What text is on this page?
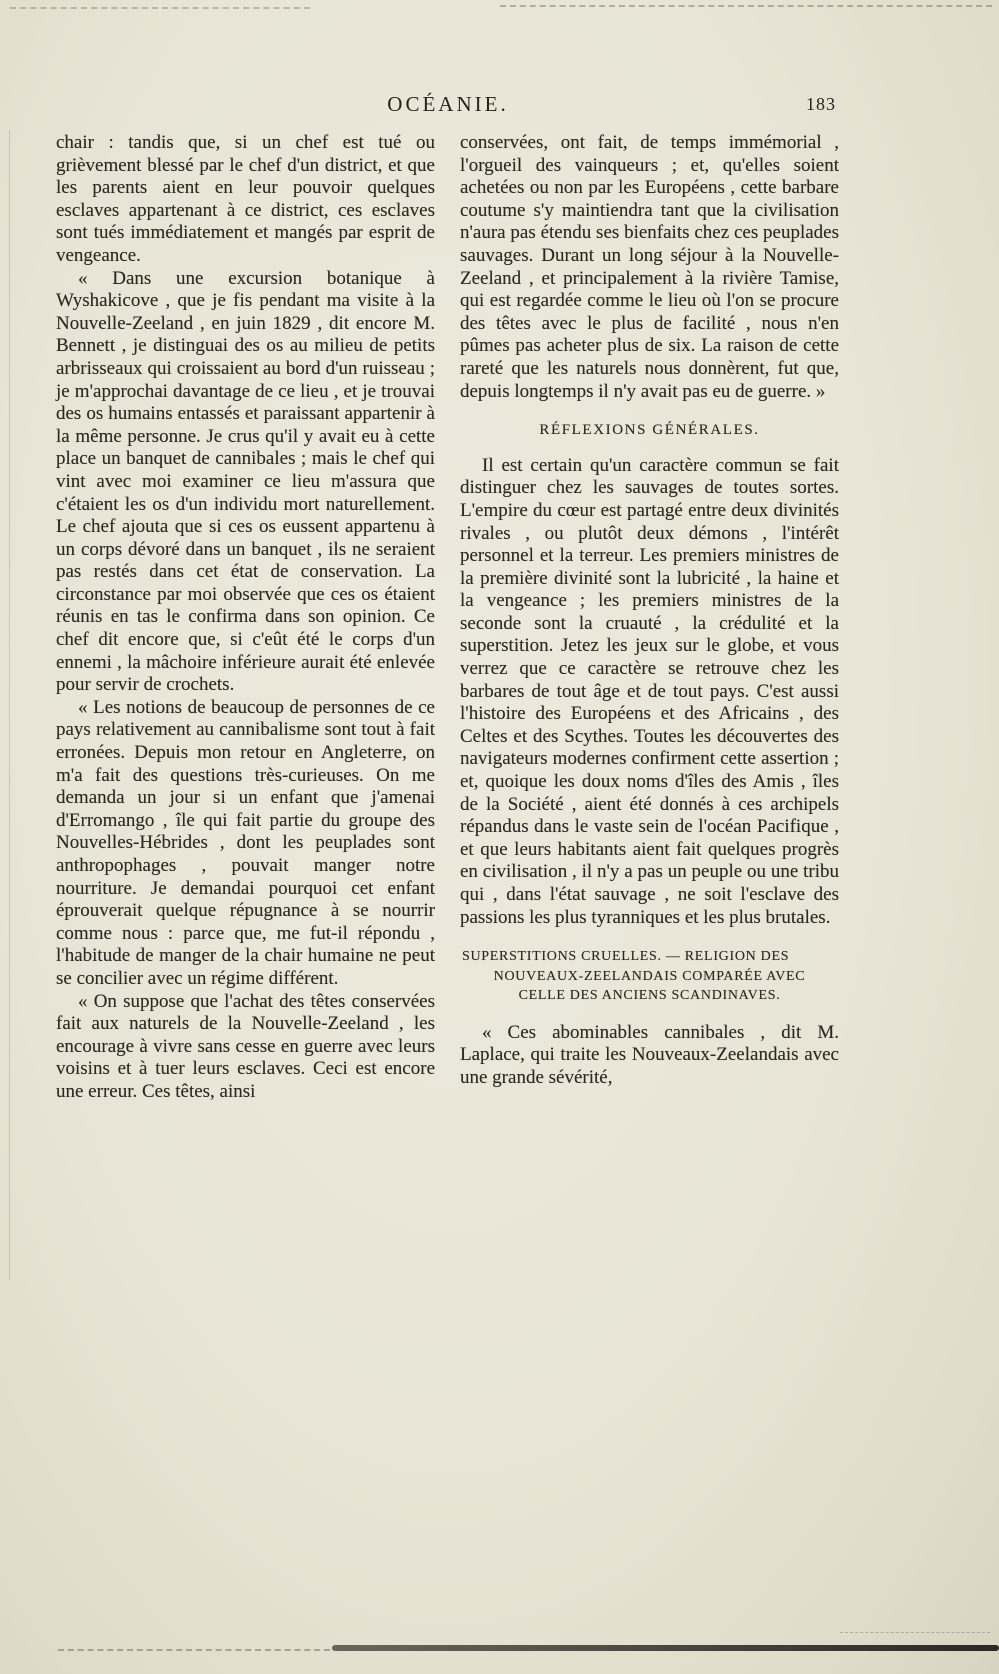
OCÉANIE.	183

chair : tandis que, si un chef est tué ou grièvement blessé par le chef d'un district, et que les parents aient en leur pouvoir quelques esclaves appartenant à ce district, ces esclaves sont tués immédiatement et mangés par esprit de vengeance.

« Dans une excursion botanique à Wyshakicove , que je fis pendant ma visite à la Nouvelle-Zeeland , en juin 1829 , dit encore M. Bennett , je distinguai des os au milieu de petits arbrisseaux qui croissaient au bord d'un ruisseau ; je m'approchai davantage de ce lieu , et je trouvai des os humains entassés et paraissant appartenir à la même personne. Je crus qu'il y avait eu à cette place un banquet de cannibales ; mais le chef qui vint avec moi examiner ce lieu m'assura que c'étaient les os d'un individu mort naturellement. Le chef ajouta que si ces os eussent appartenu à un corps dévoré dans un banquet , ils ne seraient pas restés dans cet état de conservation. La circonstance par moi observée que ces os étaient réunis en tas le confirma dans son opinion. Ce chef dit encore que, si c'eût été le corps d'un ennemi , la mâchoire inférieure aurait été enlevée pour servir de crochets.

« Les notions de beaucoup de personnes de ce pays relativement au cannibalisme sont tout à fait erronées. Depuis mon retour en Angleterre, on m'a fait des questions très-curieuses. On me demanda un jour si un enfant que j'amenai d'Erromango , île qui fait partie du groupe des Nouvelles-Hébrides , dont les peuplades sont anthropophages , pouvait manger notre nourriture. Je demandai pourquoi cet enfant éprouverait quelque répugnance à se nourrir comme nous : parce que, me fut-il répondu , l'habitude de manger de la chair humaine ne peut se concilier avec un régime différent.

« On suppose que l'achat des têtes conservées fait aux naturels de la Nouvelle-Zeeland , les encourage à vivre sans cesse en guerre avec leurs voisins et à tuer leurs esclaves. Ceci est encore une erreur. Ces têtes, ainsi

conservées, ont fait, de temps immémorial , l'orgueil des vainqueurs ; et, qu'elles soient achetées ou non par les Européens , cette barbare coutume s'y maintiendra tant que la civilisation n'aura pas étendu ses bienfaits chez ces peuplades sauvages. Durant un long séjour à la Nouvelle-Zeeland , et principalement à la rivière Tamise, qui est regardée comme le lieu où l'on se procure des têtes avec le plus de facilité , nous n'en pûmes pas acheter plus de six. La raison de cette rareté que les naturels nous donnèrent, fut que, depuis longtemps il n'y avait pas eu de guerre. »

RÉFLEXIONS GÉNÉRALES.

Il est certain qu'un caractère commun se fait distinguer chez les sauvages de toutes sortes. L'empire du cœur est partagé entre deux divinités rivales , ou plutôt deux démons , l'intérêt personnel et la terreur. Les premiers ministres de la première divinité sont la lubricité , la haine et la vengeance ; les premiers ministres de la seconde sont la cruauté , la crédulité et la superstition. Jetez les jeux sur le globe, et vous verrez que ce caractère se retrouve chez les barbares de tout âge et de tout pays. C'est aussi l'histoire des Européens et des Africains , des Celtes et des Scythes. Toutes les découvertes des navigateurs modernes confirment cette assertion ; et, quoique les doux noms d'îles des Amis , îles de la Société , aient été donnés à ces archipels répandus dans le vaste sein de l'océan Pacifique , et que leurs habitants aient fait quelques progrès en civilisation , il n'y a pas un peuple ou une tribu qui , dans l'état sauvage , ne soit l'esclave des passions les plus tyranniques et les plus brutales.

SUPERSTITIONS CRUELLES. — RELIGION DES
NOUVEAUX-ZEELANDAIS COMPARÉE AVEC
CELLE DES ANCIENS SCANDINAVES.

« Ces abominables cannibales , dit M. Laplace, qui traite les Nouveaux-Zeelandais avec une grande sévérité,
